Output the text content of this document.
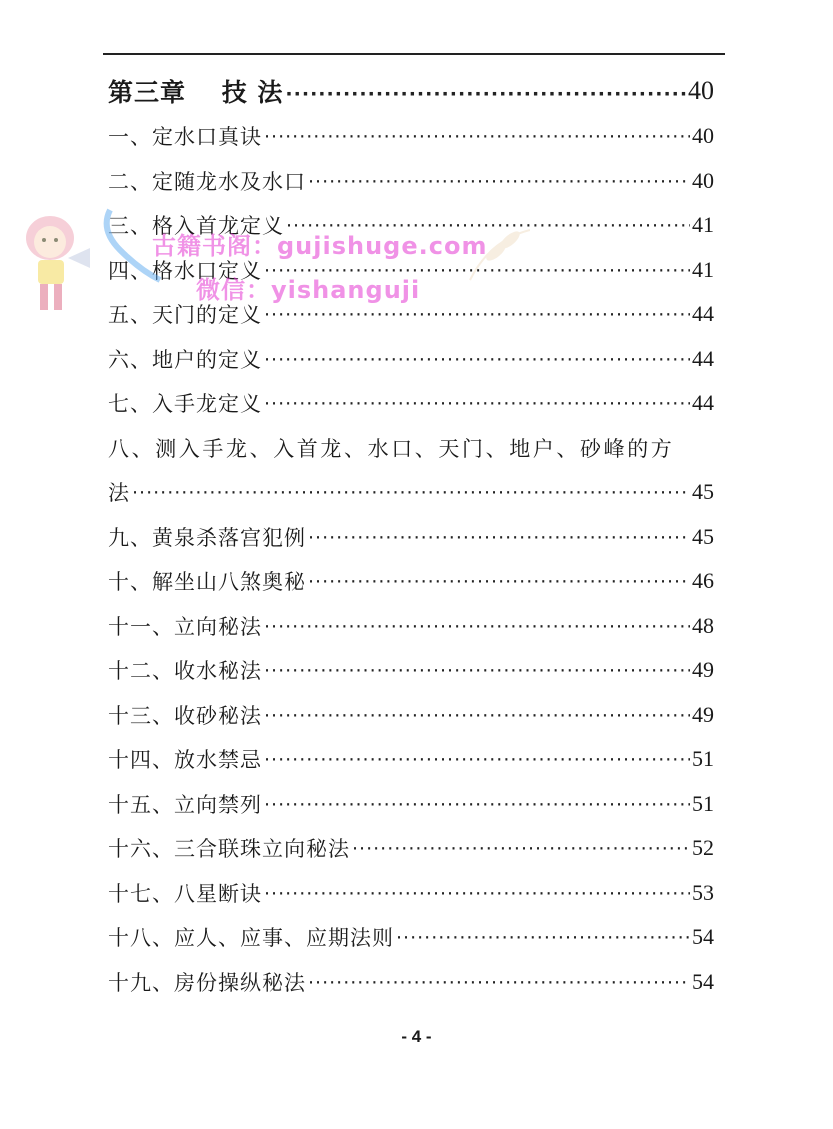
第三章　 技 法 ·····	40
一、定水口真诀 ·····	40
二、定随龙水及水口 ·····	40
三、格入首龙定义 ·····	41
四、格水口定义 ·····	41
五、天门的定义 ·····	44
六、地户的定义 ·····	44
七、入手龙定义 ·····	44
八、测入手龙、入首龙、水口、天门、地户、砂峰的方
法 ·····	45
九、黄泉杀落宫犯例 ·····	45
十、解坐山八煞奥秘 ·····	46
十一、立向秘法 ·····	48
十二、收水秘法 ·····	49
十三、收砂秘法 ·····	49
十四、放水禁忌 ·····	51
十五、立向禁列 ·····	51
十六、三合联珠立向秘法 ·····	52
十七、八星断诀 ·····	53
十八、应人、应事、应期法则 ·····	54
十九、房份操纵秘法 ·····	54
- 4 -
古籍书阁：gujishuge.com
微信：yishanguji
